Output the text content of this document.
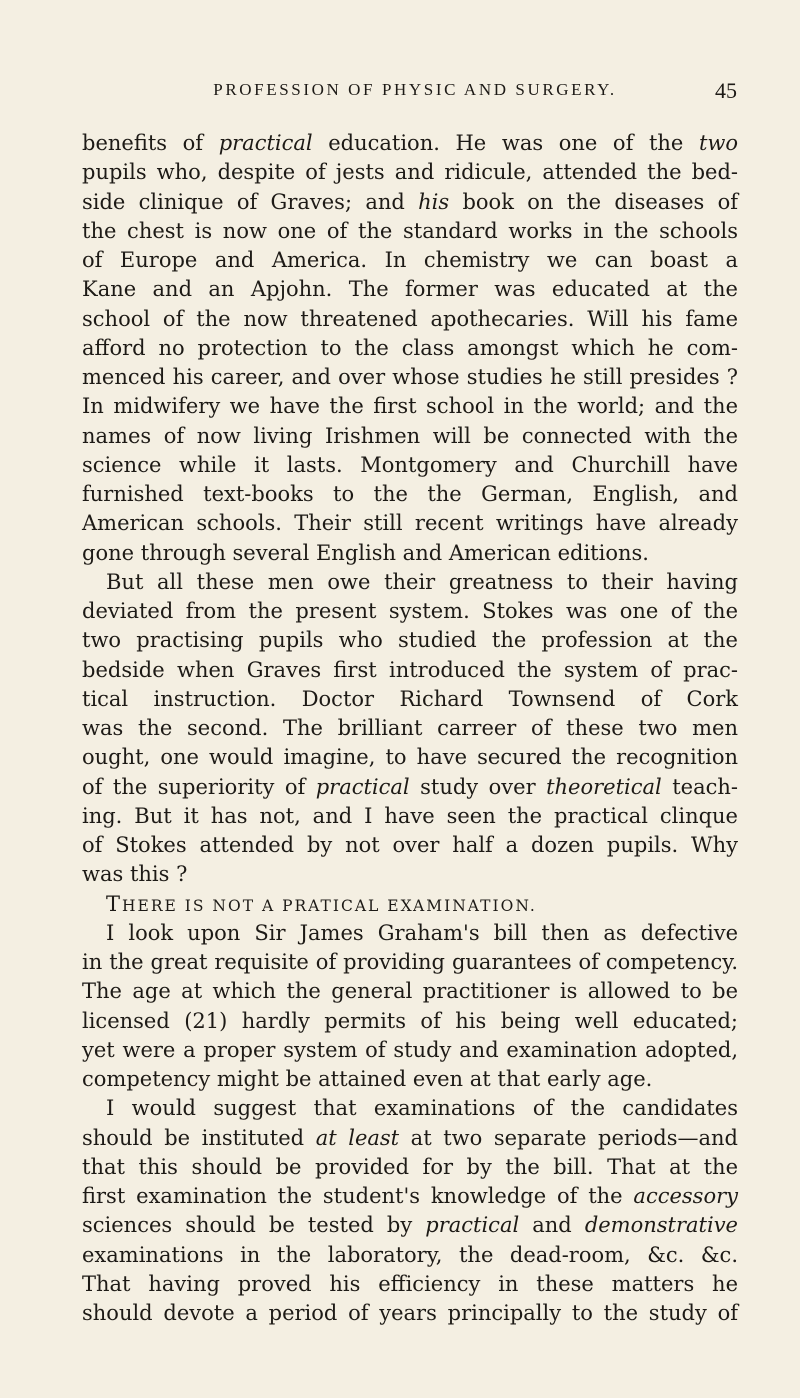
PROFESSION OF PHYSIC AND SURGERY.	45
benefits of practical education. He was one of the two
pupils who, despite of jests and ridicule, attended the bed-
side clinique of Graves; and his book on the diseases of
the chest is now one of the standard works in the schools
of Europe and America. In chemistry we can boast a
Kane and an Apjohn. The former was educated at the
school of the now threatened apothecaries. Will his fame
afford no protection to the class amongst which he com-
menced his career, and over whose studies he still presides ?
In midwifery we have the first school in the world; and the
names of now living Irishmen will be connected with the
science while it lasts. Montgomery and Churchill have
furnished text-books to the the German, English, and
American schools. Their still recent writings have already
gone through several English and American editions.
But all these men owe their greatness to their having
deviated from the present system. Stokes was one of the
two practising pupils who studied the profession at the
bedside when Graves first introduced the system of prac-
tical instruction. Doctor Richard Townsend of Cork
was the second. The brilliant carreer of these two men
ought, one would imagine, to have secured the recognition
of the superiority of practical study over theoretical teach-
ing. But it has not, and I have seen the practical clinque
of Stokes attended by not over half a dozen pupils. Why
was this ?
THERE IS NOT A PRATICAL EXAMINATION.
I look upon Sir James Graham's bill then as defective
in the great requisite of providing guarantees of competency.
The age at which the general practitioner is allowed to be
licensed (21) hardly permits of his being well educated;
yet were a proper system of study and examination adopted,
competency might be attained even at that early age.
I would suggest that examinations of the candidates
should be instituted at least at two separate periods—and
that this should be provided for by the bill. That at the
first examination the student's knowledge of the accessory
sciences should be tested by practical and demonstrative
examinations in the laboratory, the dead-room, &c. &c.
That having proved his efficiency in these matters he
should devote a period of years principally to the study of
